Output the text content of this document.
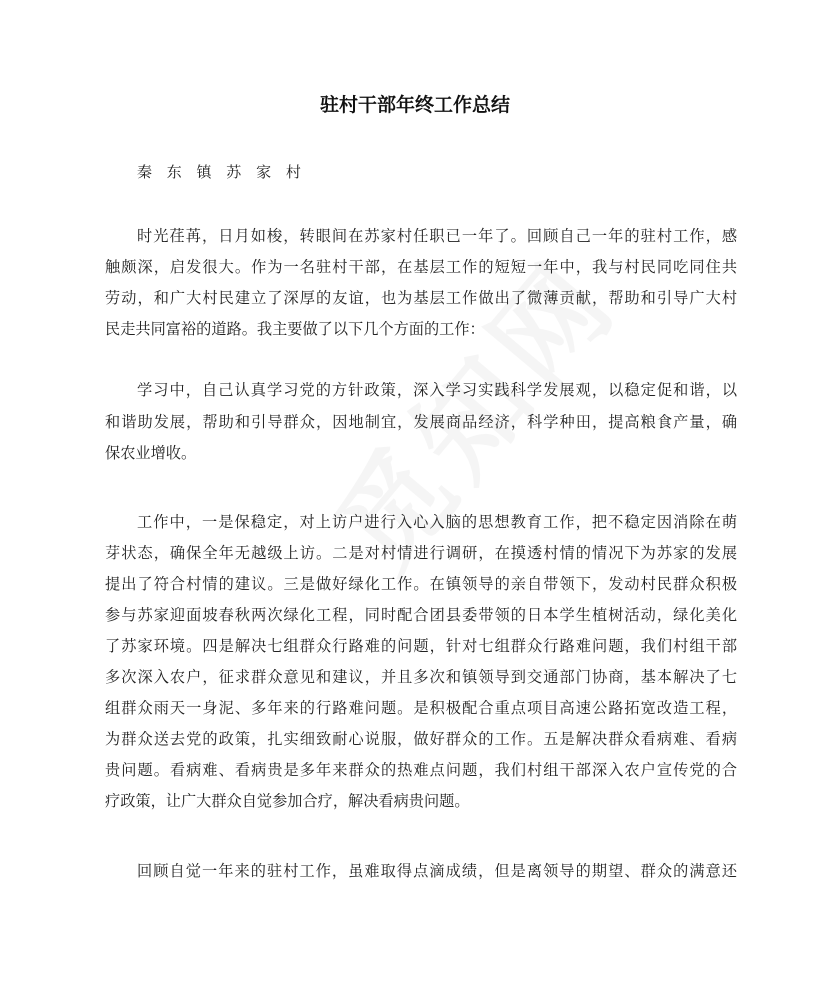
驻村干部年终工作总结
秦 东 镇 苏 家 村
时光荏苒，日月如梭，转眼间在苏家村任职已一年了。回顾自己一年的驻村工作，感
触颇深，启发很大。作为一名驻村干部，在基层工作的短短一年中，我与村民同吃同住共
劳动，和广大村民建立了深厚的友谊，也为基层工作做出了微薄贡献，帮助和引导广大村
民走共同富裕的道路。我主要做了以下几个方面的工作：
学习中，自己认真学习党的方针政策，深入学习实践科学发展观，以稳定促和谐，以
和谐助发展，帮助和引导群众，因地制宜，发展商品经济，科学种田，提高粮食产量，确
保农业增收。
工作中，一是保稳定，对上访户进行入心入脑的思想教育工作，把不稳定因消除在萌
芽状态，确保全年无越级上访。二是对村情进行调研，在摸透村情的情况下为苏家的发展
提出了符合村情的建议。三是做好绿化工作。在镇领导的亲自带领下，发动村民群众积极
参与苏家迎面坡春秋两次绿化工程，同时配合团县委带领的日本学生植树活动，绿化美化
了苏家环境。四是解决七组群众行路难的问题，针对七组群众行路难问题，我们村组干部
多次深入农户，征求群众意见和建议，并且多次和镇领导到交通部门协商，基本解决了七
组群众雨天一身泥、多年来的行路难问题。是积极配合重点项目高速公路拓宽改造工程，
为群众送去党的政策，扎实细致耐心说服，做好群众的工作。五是解决群众看病难、看病
贵问题。看病难、看病贵是多年来群众的热难点问题，我们村组干部深入农户宣传党的合
疗政策，让广大群众自觉参加合疗，解决看病贵问题。
回顾自觉一年来的驻村工作，虽难取得点滴成绩，但是离领导的期望、群众的满意还
